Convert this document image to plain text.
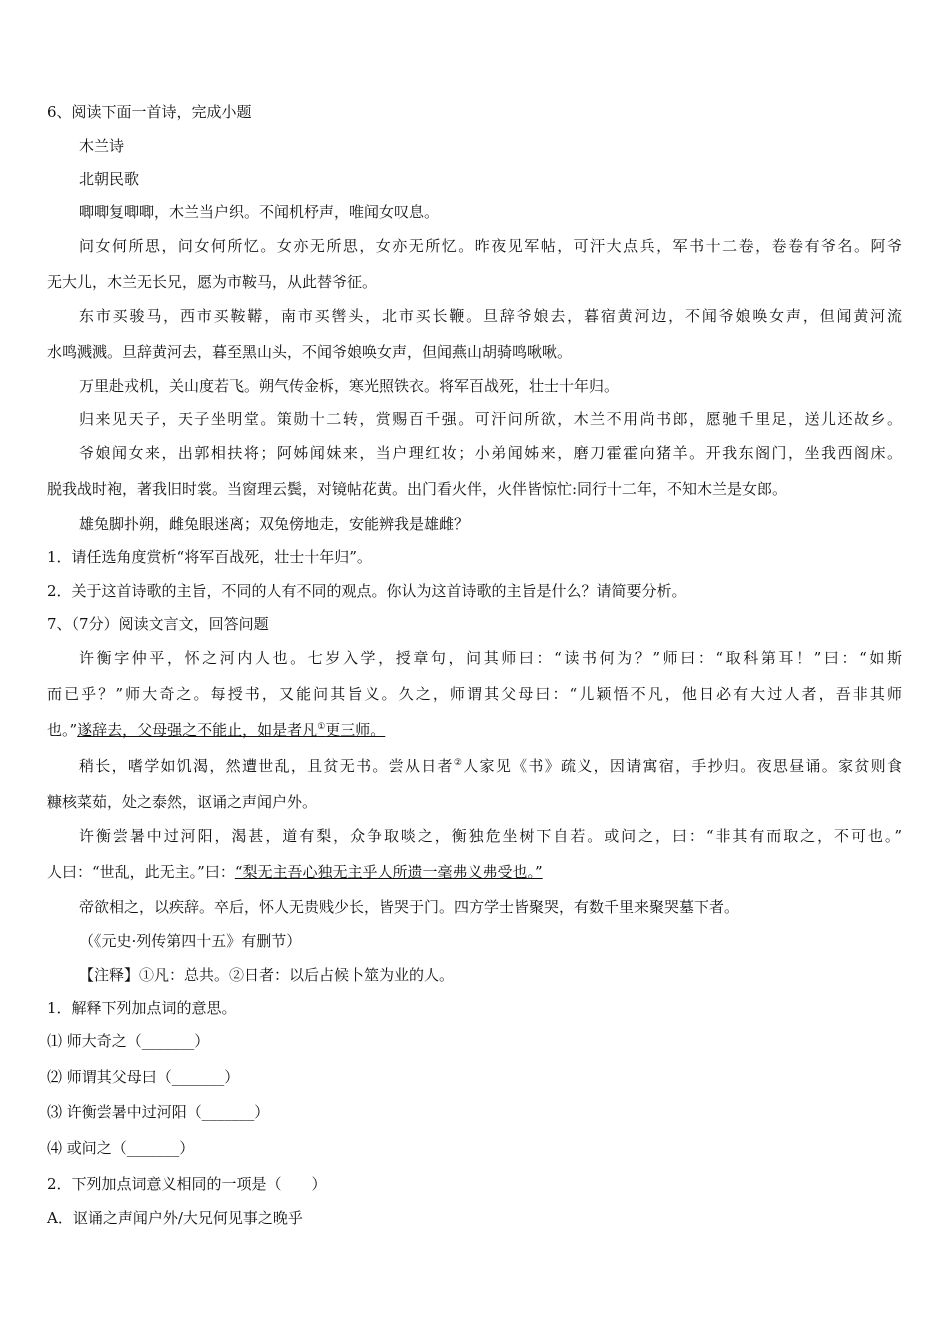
6、阅读下面一首诗，完成小题
木兰诗
北朝民歌
唧唧复唧唧，木兰当户织。不闻机杼声，唯闻女叹息。
问女何所思，问女何所忆。女亦无所思，女亦无所忆。昨夜见军帖，可汗大点兵，军书十二卷，卷卷有爷名。阿爷
无大儿，木兰无长兄，愿为市鞍马，从此替爷征。
东市买骏马，西市买鞍鞯，南市买辔头，北市买长鞭。旦辞爷娘去，暮宿黄河边，不闻爷娘唤女声，但闻黄河流
水鸣溅溅。旦辞黄河去，暮至黑山头，不闻爷娘唤女声，但闻燕山胡骑鸣啾啾。
万里赴戎机，关山度若飞。朔气传金柝，寒光照铁衣。将军百战死，壮士十年归。
归来见天子，天子坐明堂。策勋十二转，赏赐百千强。可汗问所欲，木兰不用尚书郎，愿驰千里足，送儿还故乡。
爷娘闻女来，出郭相扶将；阿姊闻妹来，当户理红妆；小弟闻姊来，磨刀霍霍向猪羊。开我东阁门，坐我西阁床。
脱我战时袍，著我旧时裳。当窗理云鬓，对镜帖花黄。出门看火伴，火伴皆惊忙:同行十二年，不知木兰是女郎。
雄兔脚扑朔，雌兔眼迷离；双兔傍地走，安能辨我是雄雌？
1．请任选角度赏析“将军百战死，壮士十年归”。
2．关于这首诗歌的主旨，不同的人有不同的观点。你认为这首诗歌的主旨是什么？请简要分析。
7、（7分）阅读文言文，回答问题
许衡字仲平，怀之河内人也。七岁入学，授章句，问其师曰：“读书何为？”师曰：“取科第耳！”曰：“如斯
而已乎？”师大奇之。每授书，又能问其旨义。久之，师谓其父母曰：“儿颖悟不凡，他日必有大过人者，吾非其师
也。”遂辞去，父母强之不能止，如是者凡①更三师。
稍长，嗜学如饥渴，然遭世乱，且贫无书。尝从日者②人家见《书》疏义，因请寓宿，手抄归。夜思昼诵。家贫则食
糠核菜茹，处之泰然，讴诵之声闻户外。
许衡尝暑中过河阳，渴甚，道有梨，众争取啖之，衡独危坐树下自若。或问之，曰：“非其有而取之，不可也。”
人曰：“世乱，此无主。”曰：“梨无主吾心独无主乎人所遗一毫弗义弗受也。”
帝欲相之，以疾辞。卒后，怀人无贵贱少长，皆哭于门。四方学士皆聚哭，有数千里来聚哭墓下者。
（《元史·列传第四十五》有删节）
【注释】①凡：总共。②日者：以后占候卜筮为业的人。
1．解释下列加点词的意思。
⑴ 师大奇之（_______）
⑵ 师谓其父母曰（_______）
⑶ 许衡尝暑中过河阳（_______）
⑷ 或问之（_______）
2．下列加点词意义相同的一项是（　　）
A．讴诵之声闻户外/大兄何见事之晚乎
